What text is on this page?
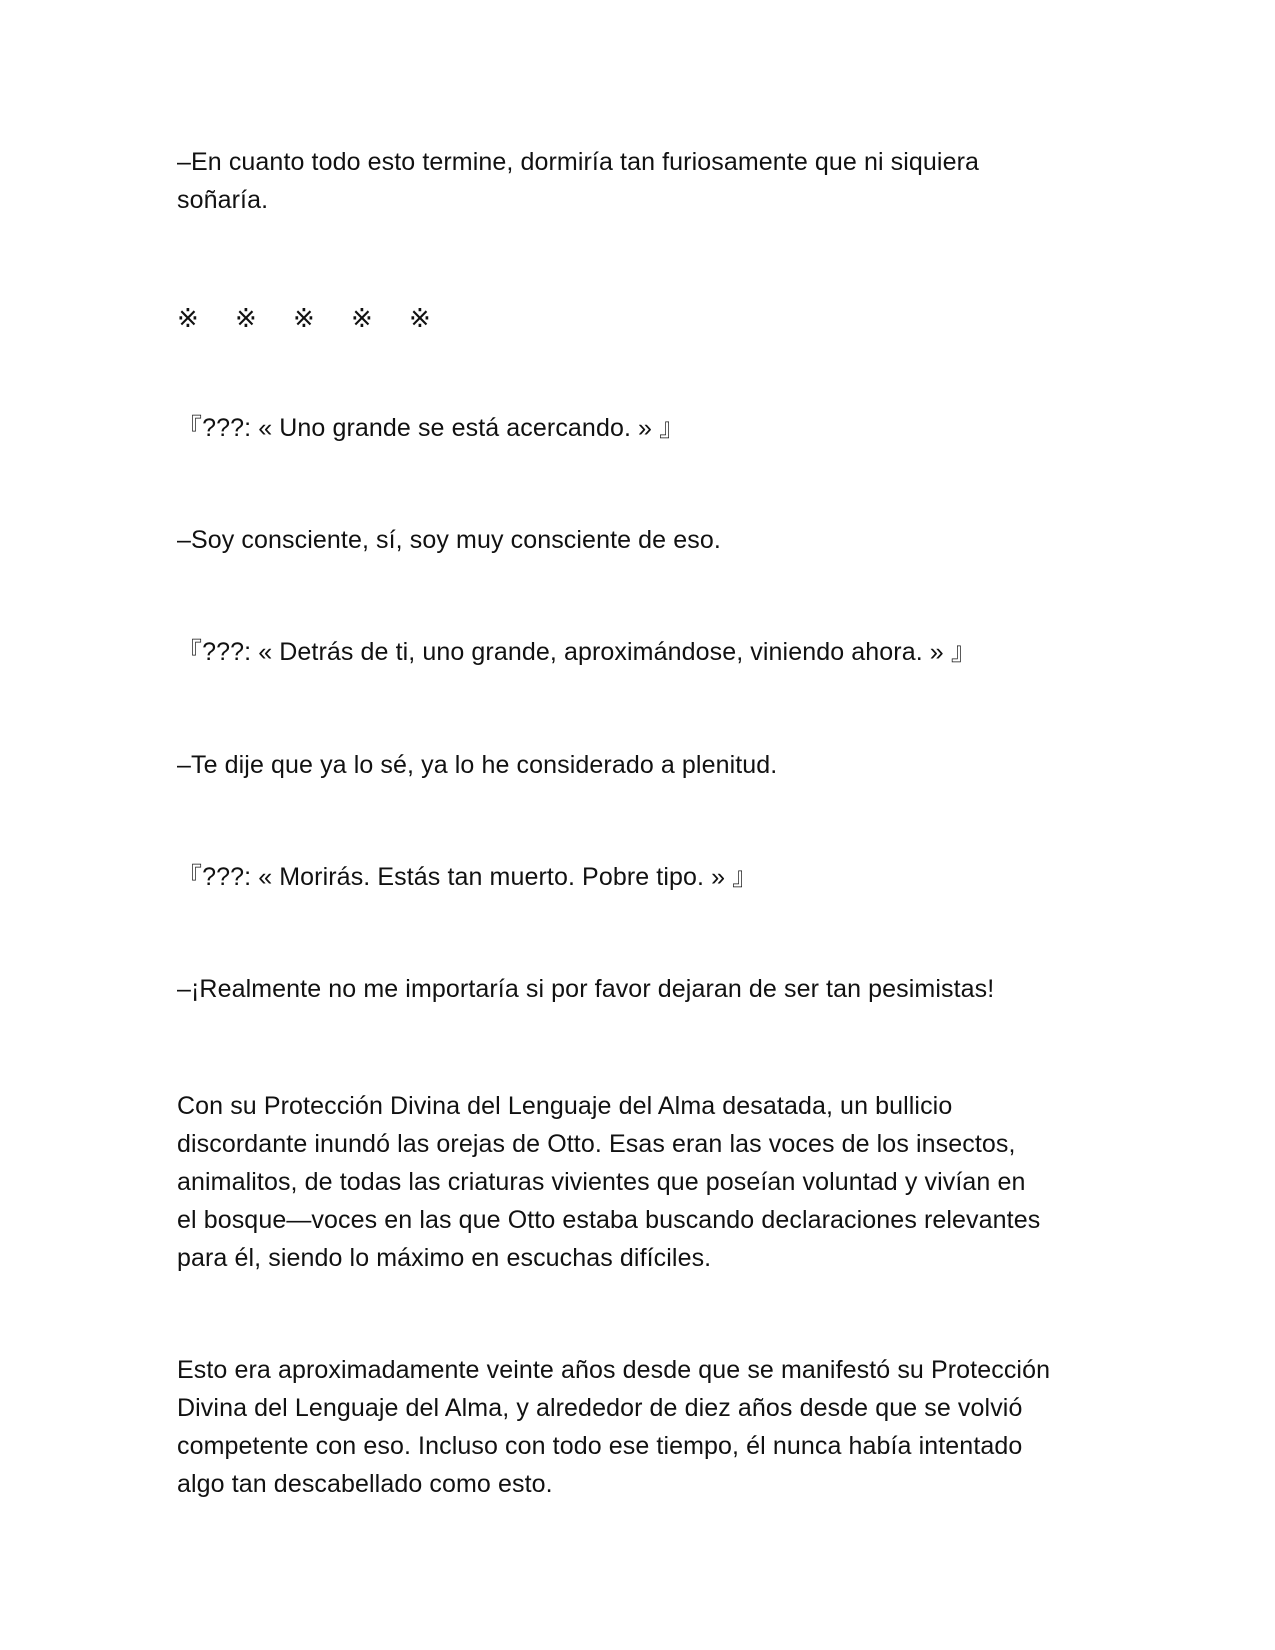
–En cuanto todo esto termine, dormiría tan furiosamente que ni siquiera
soñaría.

※ ※ ※ ※ ※

『???: « Uno grande se está acercando. » 』

–Soy consciente, sí, soy muy consciente de eso.

『???: « Detrás de ti, uno grande, aproximándose, viniendo ahora. » 』

–Te dije que ya lo sé, ya lo he considerado a plenitud.

『???: « Morirás. Estás tan muerto. Pobre tipo. » 』

–¡Realmente no me importaría si por favor dejaran de ser tan pesimistas!

Con su Protección Divina del Lenguaje del Alma desatada, un bullicio
discordante inundó las orejas de Otto. Esas eran las voces de los insectos,
animalitos, de todas las criaturas vivientes que poseían voluntad y vivían en
el bosque—voces en las que Otto estaba buscando declaraciones relevantes
para él, siendo lo máximo en escuchas difíciles.

Esto era aproximadamente veinte años desde que se manifestó su Protección
Divina del Lenguaje del Alma, y alrededor de diez años desde que se volvió
competente con eso. Incluso con todo ese tiempo, él nunca había intentado
algo tan descabellado como esto.
